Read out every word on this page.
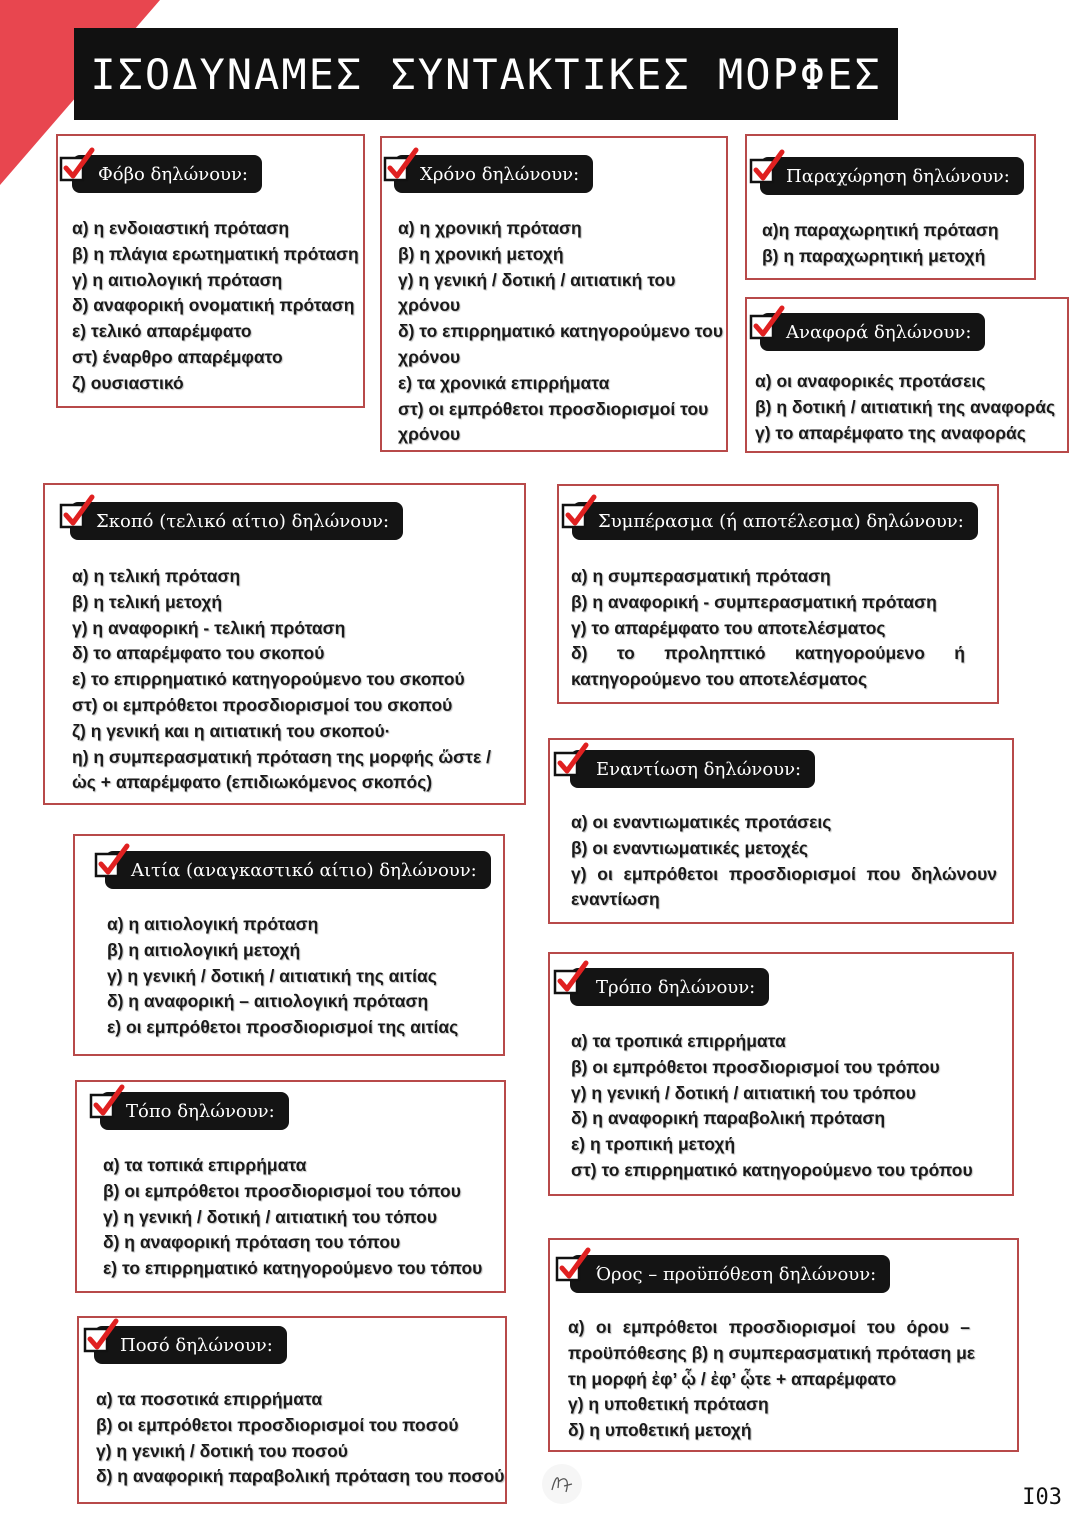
ΙΣΟΔΥΝΑΜΕΣ ΣΥΝΤΑΚΤΙΚΕΣ ΜΟΡΦΕΣ
Φόβο δηλώνουν:
α) η ενδοιαστική πρόταση
β) η πλάγια ερωτηματική πρόταση
γ) η αιτιολογική πρόταση
δ) αναφορική ονοματική πρόταση
ε) τελικό απαρέμφατο
στ) έναρθρο απαρέμφατο
ζ) ουσιαστικό
Χρόνο δηλώνουν:
α) η χρονική πρόταση
β) η χρονική μετοχή
γ) η γενική / δοτική / αιτιατική του
χρόνου
δ) το επιρρηματικό κατηγορούμενο του
χρόνου
ε) τα χρονικά επιρρήματα
στ) οι εμπρόθετοι προσδιορισμοί του
χρόνου
Παραχώρηση δηλώνουν:
α)η παραχωρητική πρόταση
β) η παραχωρητική μετοχή
Αναφορά δηλώνουν:
α) οι αναφορικές προτάσεις
β) η δοτική / αιτιατική της αναφοράς
γ) το απαρέμφατο της αναφοράς
Σκοπό (τελικό αίτιο) δηλώνουν:
α) η τελική πρόταση
β) η τελική μετοχή
γ) η αναφορική - τελική πρόταση
δ) το απαρέμφατο του σκοπού
ε) το επιρρηματικό κατηγορούμενο του σκοπού
στ) οι εμπρόθετοι προσδιορισμοί του σκοπού
ζ) η γενική και η αιτιατική του σκοπού·
η) η συμπερασματική πρόταση της μορφής ὥστε /
ὡς + απαρέμφατο (επιδιωκόμενος σκοπός)
Συμπέρασμα (ή αποτέλεσμα) δηλώνουν:
α) η συμπερασματική πρόταση
β) η αναφορική - συμπερασματική πρόταση
γ) το απαρέμφατο του αποτελέσματος
δ) το προληπτικό κατηγορούμενο ή
κατηγορούμενο του αποτελέσματος
Εναντίωση δηλώνουν:
α) οι εναντιωματικές προτάσεις
β) οι εναντιωματικές μετοχές
γ) οι εμπρόθετοι προσδιορισμοί που δηλώνουν
εναντίωση
Αιτία (αναγκαστικό αίτιο) δηλώνουν:
α) η αιτιολογική πρόταση
β) η αιτιολογική μετοχή
γ) η γενική / δοτική / αιτιατική της αιτίας
δ) η αναφορική – αιτιολογική πρόταση
ε) οι εμπρόθετοι προσδιορισμοί της αιτίας
Τρόπο δηλώνουν:
α) τα τροπικά επιρρήματα
β) οι εμπρόθετοι προσδιορισμοί του τρόπου
γ) η γενική / δοτική / αιτιατική του τρόπου
δ) η αναφορική παραβολική πρόταση
ε) η τροπική μετοχή
στ) το επιρρηματικό κατηγορούμενο του τρόπου
Τόπο δηλώνουν:
α) τα τοπικά επιρρήματα
β) οι εμπρόθετοι προσδιορισμοί του τόπου
γ) η γενική / δοτική / αιτιατική του τόπου
δ) η αναφορική πρόταση του τόπου
ε) το επιρρηματικό κατηγορούμενο του τόπου	Όρος – προϋπόθεση δηλώνουν:
α) οι εμπρόθετοι προσδιορισμοί του όρου –
προϋπόθεσης β) η συμπερασματική πρόταση με
τη μορφή ἐφ’ ᾧ / ἐφ’ ᾧτε + απαρέμφατο
γ) η υποθετική πρόταση
δ) η υποθετική μετοχή
Ποσό δηλώνουν:
α) τα ποσοτικά επιρρήματα
β) οι εμπρόθετοι προσδιορισμοί του ποσού
γ) η γενική / δοτική του ποσού
δ) η αναφορική παραβολική πρόταση του ποσού
I03
